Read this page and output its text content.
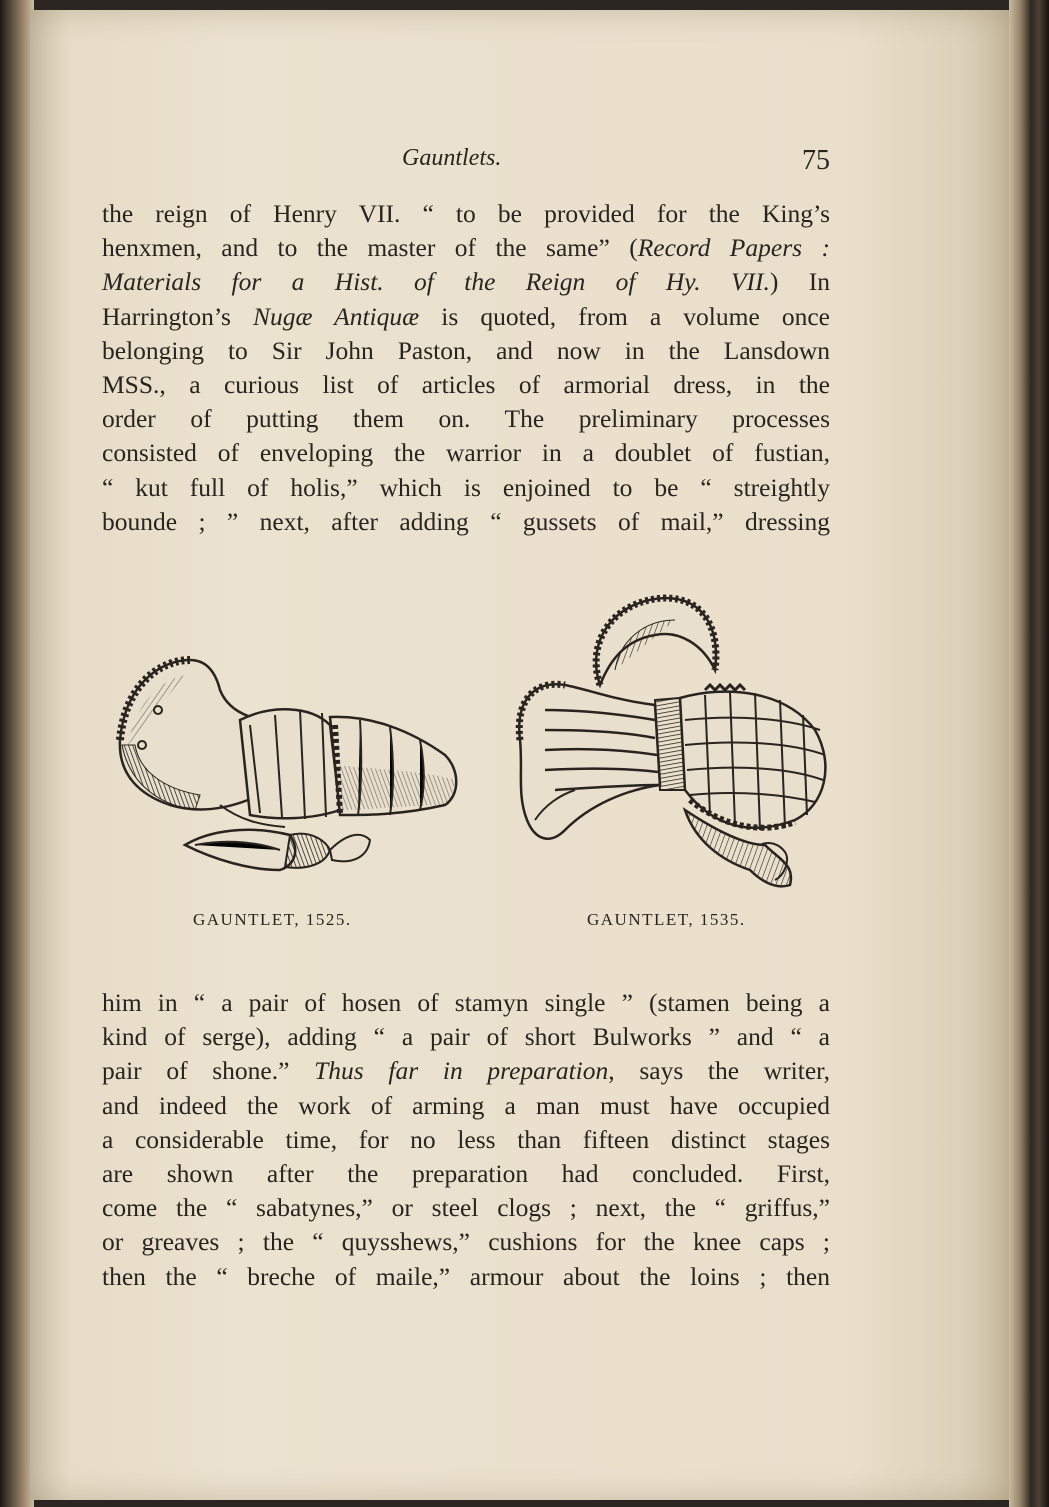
Gauntlets.	75
the reign of Henry VII. “ to be provided for the King’s
henxmen, and to the master of the same” (Record Papers :
Materials for a Hist. of the Reign of Hy. VII.) In
Harrington’s Nugæ Antiquæ is quoted, from a volume once
belonging to Sir John Paston, and now in the Lansdown
MSS., a curious list of articles of armorial dress, in the
order of putting them on. The preliminary processes
consisted of enveloping the warrior in a doublet of fustian,
“ kut full of holis,” which is enjoined to be “ streightly
bounde ; ” next, after adding “ gussets of mail,” dressing
GAUNTLET, 1525.	GAUNTLET, 1535.
him in “ a pair of hosen of stamyn single ” (stamen being a
kind of serge), adding “ a pair of short Bulworks ” and “ a
pair of shone.” Thus far in preparation, says the writer,
and indeed the work of arming a man must have occupied
a considerable time, for no less than fifteen distinct stages
are shown after the preparation had concluded. First,
come the “ sabatynes,” or steel clogs ; next, the “ griffus,”
or greaves ; the “ quysshews,” cushions for the knee caps ;
then the “ breche of maile,” armour about the loins ; then
